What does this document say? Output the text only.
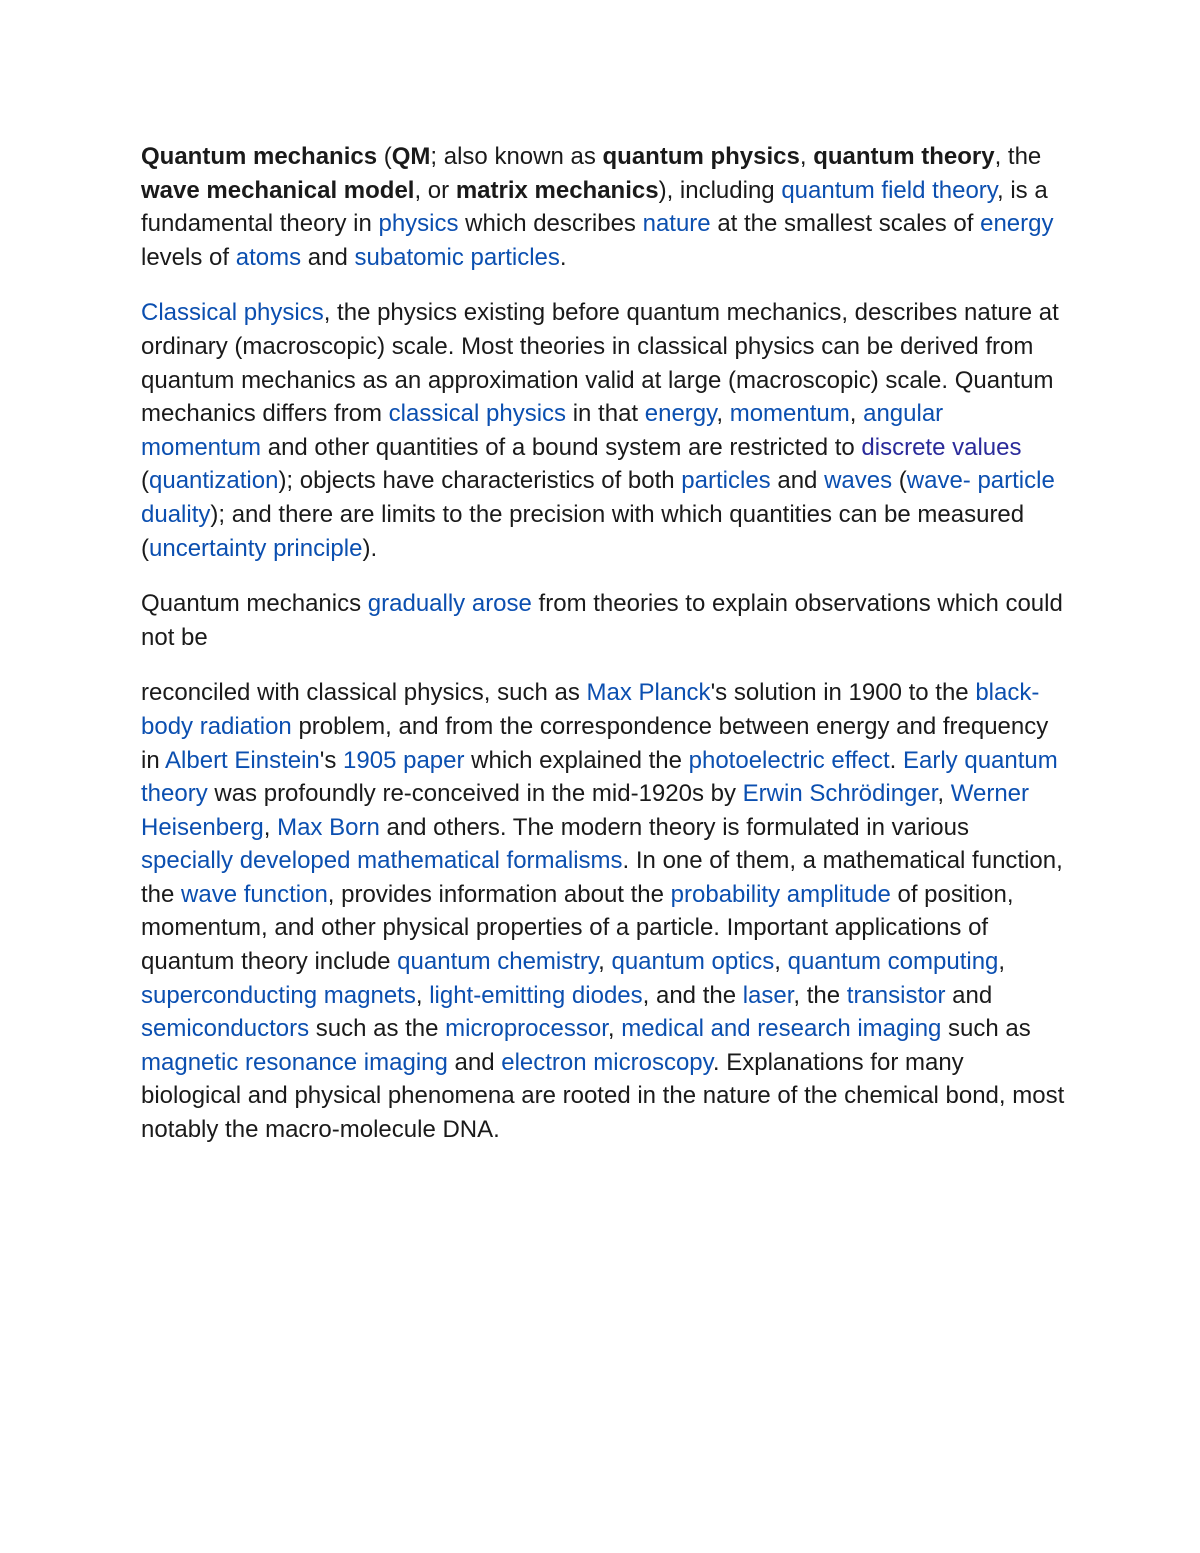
Quantum mechanics (QM; also known as quantum physics, quantum theory, the wave mechanical model, or matrix mechanics), including quantum field theory, is a fundamental theory in physics which describes nature at the smallest scales of energy levels of atoms and subatomic particles.

Classical physics, the physics existing before quantum mechanics, describes nature at ordinary (macroscopic) scale. Most theories in classical physics can be derived from quantum mechanics as an approximation valid at large (macroscopic) scale. Quantum mechanics differs from classical physics in that energy, momentum, angular momentum and other quantities of a bound system are restricted to discrete values (quantization); objects have characteristics of both particles and waves (wave- particle duality); and there are limits to the precision with which quantities can be measured (uncertainty principle).

Quantum mechanics gradually arose from theories to explain observations which could not be

reconciled with classical physics, such as Max Planck's solution in 1900 to the black-body radiation problem, and from the correspondence between energy and frequency in Albert Einstein's 1905 paper which explained the photoelectric effect. Early quantum theory was profoundly re-conceived in the mid-1920s by Erwin Schrödinger, Werner Heisenberg, Max Born and others. The modern theory is formulated in various specially developed mathematical formalisms. In one of them, a mathematical function, the wave function, provides information about the probability amplitude of position, momentum, and other physical properties of a particle. Important applications of quantum theory include quantum chemistry, quantum optics, quantum computing, superconducting magnets, light-emitting diodes, and the laser, the transistor and semiconductors such as the microprocessor, medical and research imaging such as magnetic resonance imaging and electron microscopy. Explanations for many biological and physical phenomena are rooted in the nature of the chemical bond, most notably the macro-molecule DNA.
